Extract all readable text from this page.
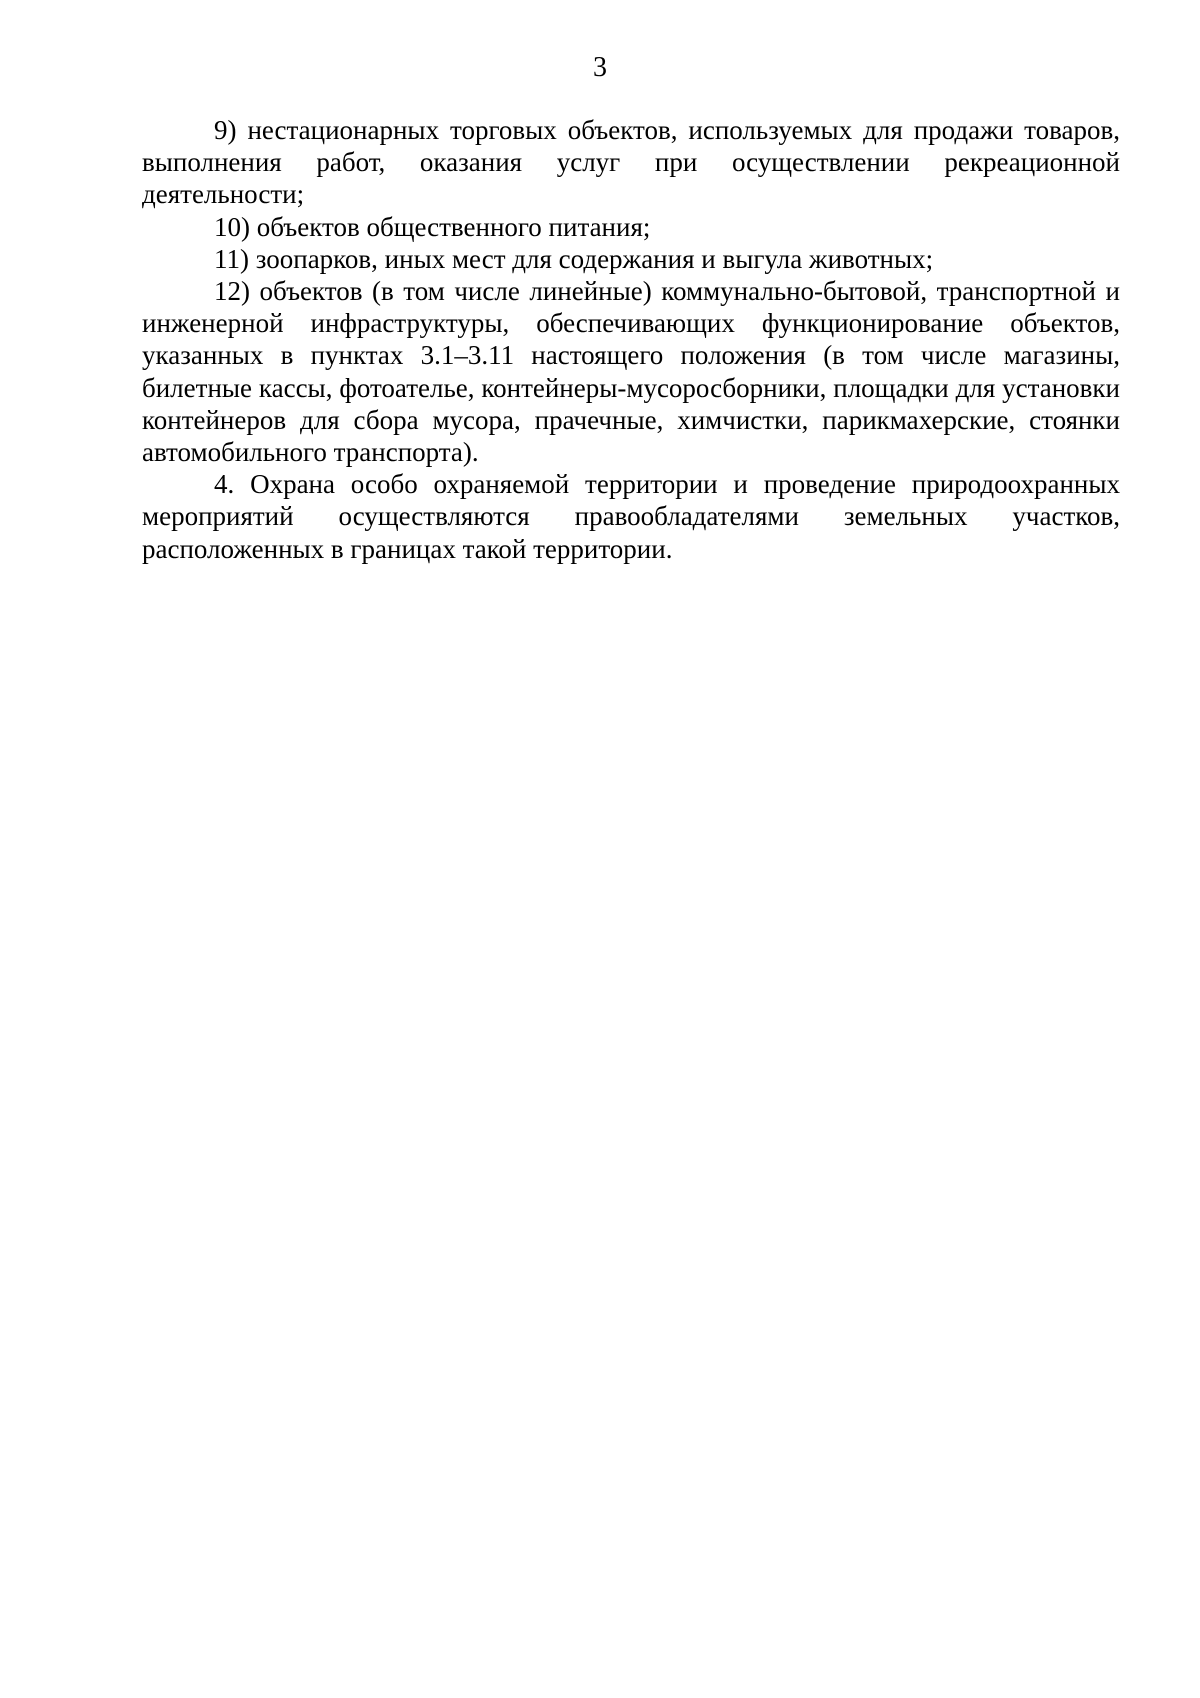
3

9) нестационарных торговых объектов, используемых для продажи товаров, выполнения работ, оказания услуг при осуществлении рекреационной деятельности;

10) объектов общественного питания;

11) зоопарков, иных мест для содержания и выгула животных;

12) объектов (в том числе линейные) коммунально-бытовой, транспортной и инженерной инфраструктуры, обеспечивающих функционирование объектов, указанных в пунктах 3.1–3.11 настоящего положения (в том числе магазины, билетные кассы, фотоателье, контейнеры-мусоросборники, площадки для установки контейнеров для сбора мусора, прачечные, химчистки, парикмахерские, стоянки автомобильного транспорта).

4. Охрана особо охраняемой территории и проведение природоохранных мероприятий осуществляются правообладателями земельных участков, расположенных в границах такой территории.
